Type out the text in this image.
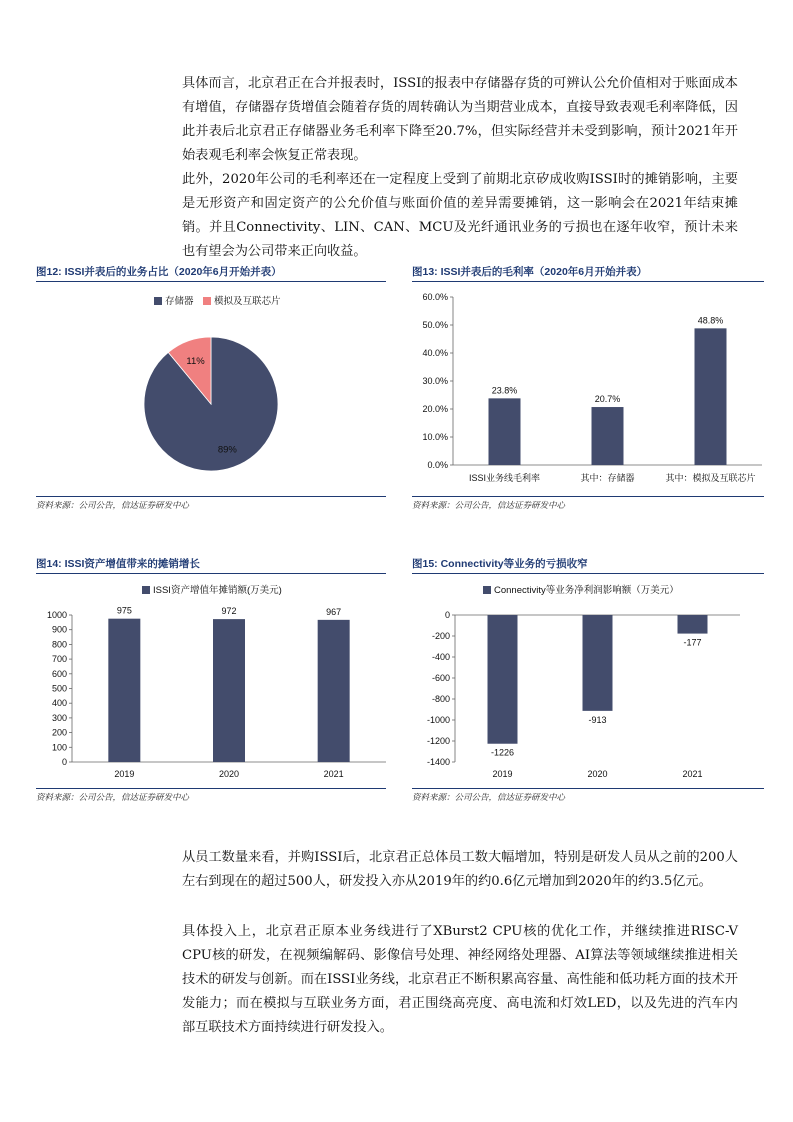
具体而言，北京君正在合并报表时，ISSI的报表中存储器存货的可辨认公允价值相对于账面成本有增值，存储器存货增值会随着存货的周转确认为当期营业成本，直接导致表观毛利率降低，因此并表后北京君正存储器业务毛利率下降至20.7%，但实际经营并未受到影响，预计2021年开始表观毛利率会恢复正常表现。

此外，2020年公司的毛利率还在一定程度上受到了前期北京矽成收购ISSI时的摊销影响，主要是无形资产和固定资产的公允价值与账面价值的差异需要摊销，这一影响会在2021年结束摊销。并且Connectivity、LIN、CAN、MCU及光纤通讯业务的亏损也在逐年收窄，预计未来也有望会为公司带来正向收益。

图12: ISSI并表后的业务占比（2020年6月开始并表）
存储器 模拟及互联芯片
89%
11%
资料来源：公司公告，信达证券研发中心
图13: ISSI并表后的毛利率（2020年6月开始并表）
0.0%
10.0%
20.0%
30.0%
40.0%
50.0%
60.0%
23.8%
ISSI业务线毛利率
20.7%
其中：存储器
48.8%
其中：模拟及互联芯片
资料来源：公司公告，信达证券研发中心
图14: ISSI资产增值带来的摊销增长
0
100
200
300
400
500
600
700
800
900
1000	975
2019
972
2020
967
2021
ISSI资产增值年摊销额(万美元)
资料来源：公司公告，信达证券研发中心
图15: Connectivity等业务的亏损收窄
-1400
-1200
-1000
-800
-600
-400
-200
0
-1226
2019
-913
2020
-177
2021
Connectivity等业务净利润影响额（万美元）
资料来源：公司公告，信达证券研发中心

从员工数量来看，并购ISSI后，北京君正总体员工数大幅增加，特别是研发人员从之前的200人左右到现在的超过500人，研发投入亦从2019年的约0.6亿元增加到2020年的约3.5亿元。

具体投入上，北京君正原本业务线进行了XBurst2 CPU核的优化工作，并继续推进RISC-V CPU核的研发，在视频编解码、影像信号处理、神经网络处理器、AI算法等领域继续推进相关技术的研发与创新。而在ISSI业务线，北京君正不断积累高容量、高性能和低功耗方面的技术开发能力；而在模拟与互联业务方面，君正围绕高亮度、高电流和灯效LED，以及先进的汽车内部互联技术方面持续进行研发投入。
